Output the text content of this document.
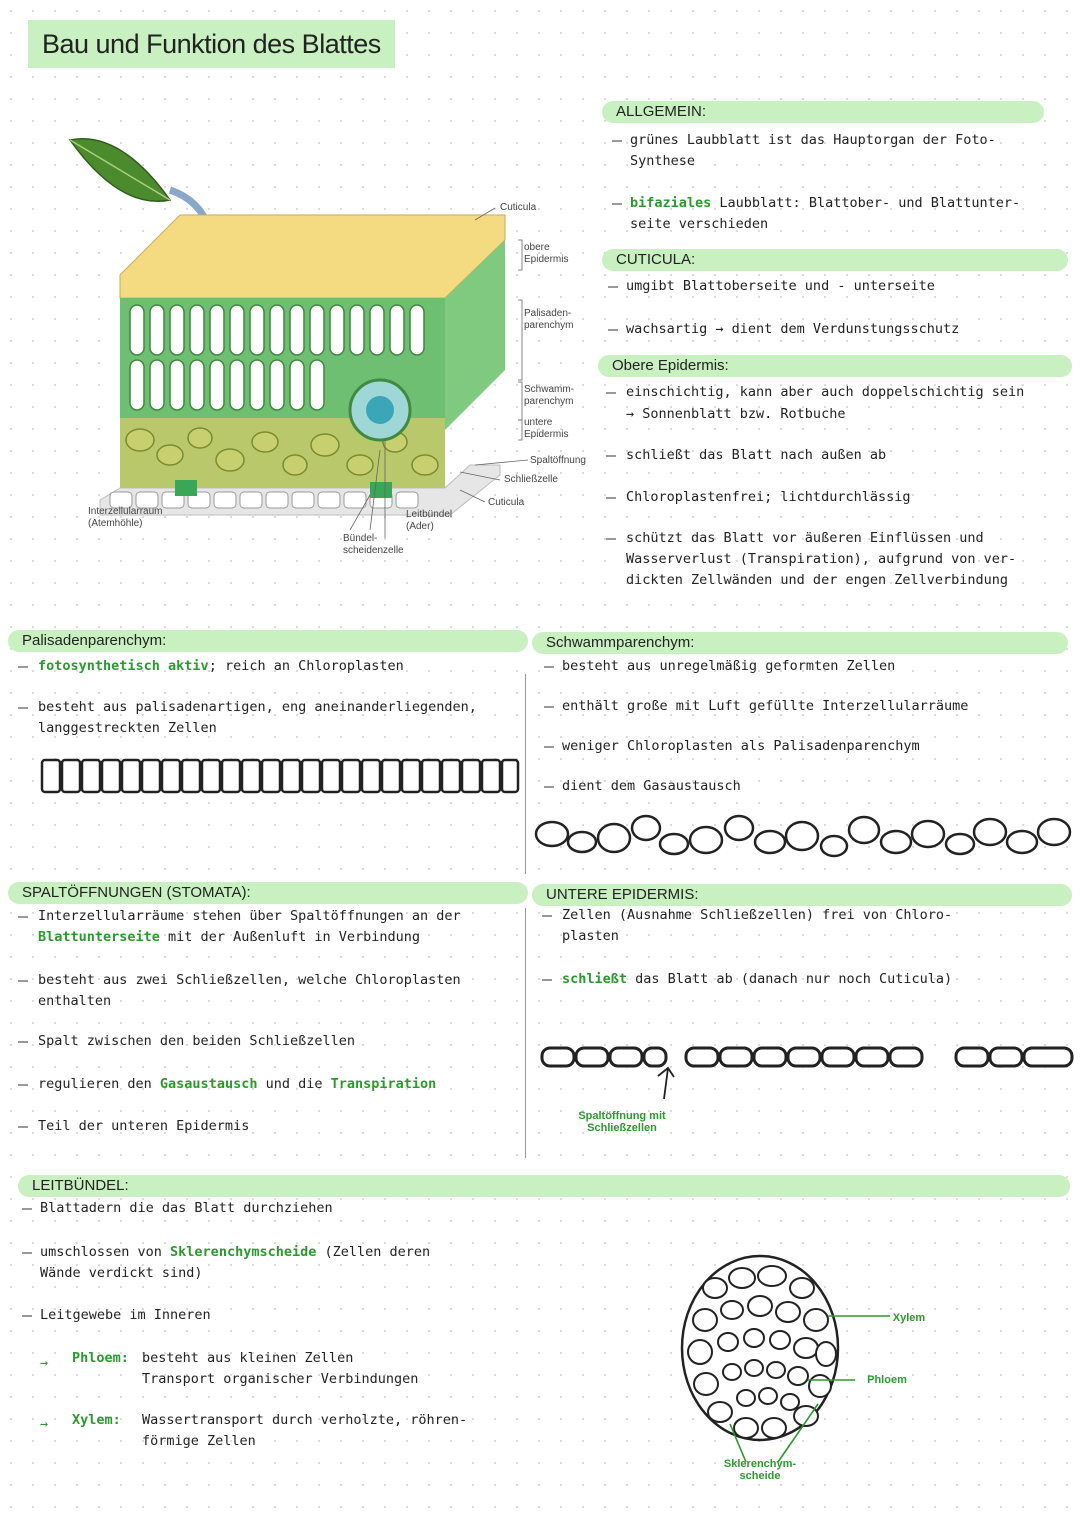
Bau und Funktion des Blattes
Cuticula
obere
Epidermis
Palisaden-
parenchym
Schwamm-
parenchym
untere
Epidermis
Spaltöffnung
Schließzelle
Cuticula
Interzellularraum
(Atemhöhle)
Leitbündel
(Ader)
Bündel-
scheidenzelle
ALLGEMEIN:
grünes Laubblatt ist das Hauptorgan der Foto-
Synthese
bifaziales Laubblatt: Blattober- und Blattunter-
seite verschieden
CUTICULA:
umgibt Blattoberseite und - unterseite
wachsartig → dient dem Verdunstungsschutz
Obere Epidermis:
einschichtig, kann aber auch doppelschichtig sein
→ Sonnenblatt bzw. Rotbuche
schließt das Blatt nach außen ab
Chloroplastenfrei; lichtdurchlässig
schützt das Blatt vor äußeren Einflüssen und
Wasserverlust (Transpiration), aufgrund von ver-
dickten Zellwänden und der engen Zellverbindung
Palisadenparenchym:
fotosynthetisch aktiv; reich an Chloroplasten
besteht aus palisadenartigen, eng aneinanderliegenden,
langgestreckten Zellen
Schwammparenchym:
besteht aus unregelmäßig geformten Zellen
enthält große mit Luft gefüllte Interzellularräume
weniger Chloroplasten als Palisadenparenchym
dient dem Gasaustausch
SPALTÖFFNUNGEN (STOMATA):
Interzellularräume stehen über Spaltöffnungen an der
Blattunterseite mit der Außenluft in Verbindung
besteht aus zwei Schließzellen, welche Chloroplasten
enthalten
Spalt zwischen den beiden Schließzellen
regulieren den Gasaustausch und die Transpiration
Teil der unteren Epidermis
UNTERE EPIDERMIS:
Zellen (Ausnahme Schließzellen) frei von Chloro-
plasten
schließt das Blatt ab (danach nur noch Cuticula)
Spaltöffnung mit
Schließzellen
LEITBÜNDEL:
Blattadern die das Blatt durchziehen
umschlossen von Sklerenchymscheide (Zellen deren
Wände verdickt sind)
Leitgewebe im Inneren
→ Phloem: besteht aus kleinen Zellen
Transport organischer Verbindungen
→ Xylem: Wassertransport durch verholzte, röhren-
förmige Zellen
Xylem
Phloem
Sklerenchym-
scheide
